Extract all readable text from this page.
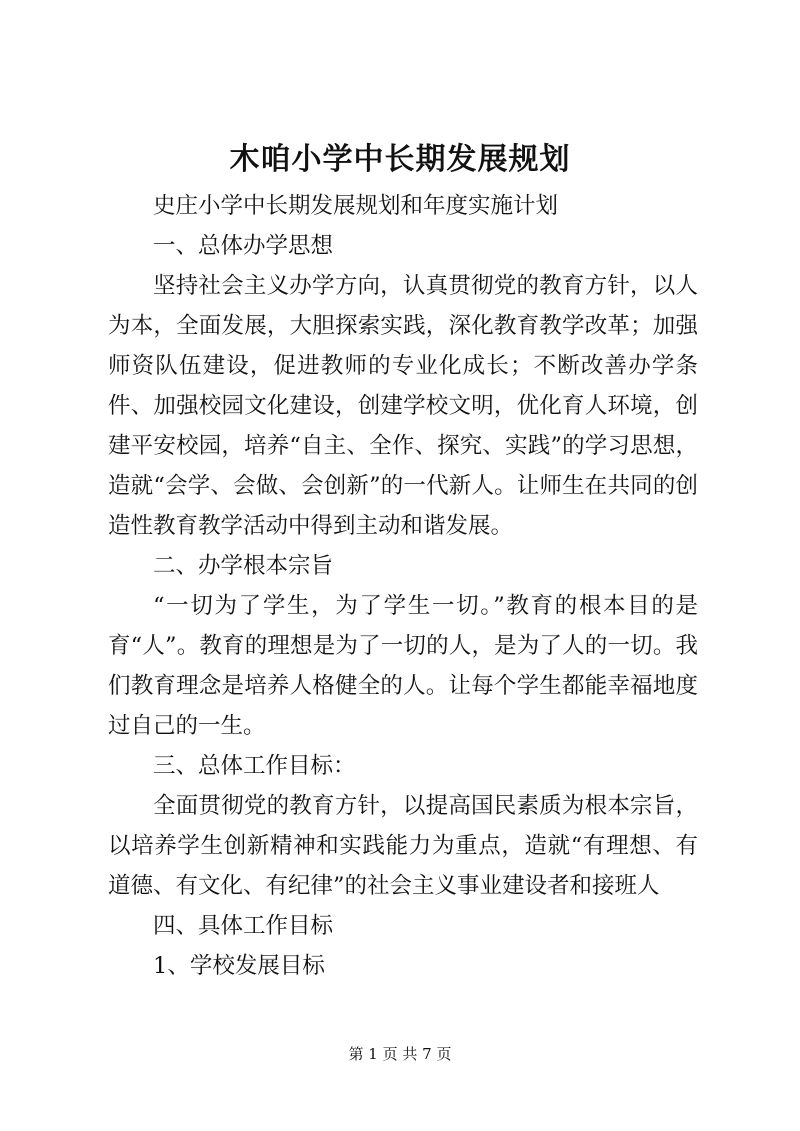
木咱小学中长期发展规划

史庄小学中长期发展规划和年度实施计划

一、总体办学思想

坚持社会主义办学方向，认真贯彻党的教育方针，以人为本，全面发展，大胆探索实践，深化教育教学改革；加强师资队伍建设，促进教师的专业化成长；不断改善办学条件、加强校园文化建设，创建学校文明，优化育人环境，创建平安校园，培养“自主、全作、探究、实践”的学习思想，造就“会学、会做、会创新”的一代新人。让师生在共同的创造性教育教学活动中得到主动和谐发展。

二、办学根本宗旨

“一切为了学生，为了学生一切。”教育的根本目的是育“人”。教育的理想是为了一切的人，是为了人的一切。我们教育理念是培养人格健全的人。让每个学生都能幸福地度过自己的一生。

三、总体工作目标：

全面贯彻党的教育方针，以提高国民素质为根本宗旨，以培养学生创新精神和实践能力为重点，造就“有理想、有道德、有文化、有纪律”的社会主义事业建设者和接班人

四、具体工作目标

1、学校发展目标

第 1 页 共 7 页
